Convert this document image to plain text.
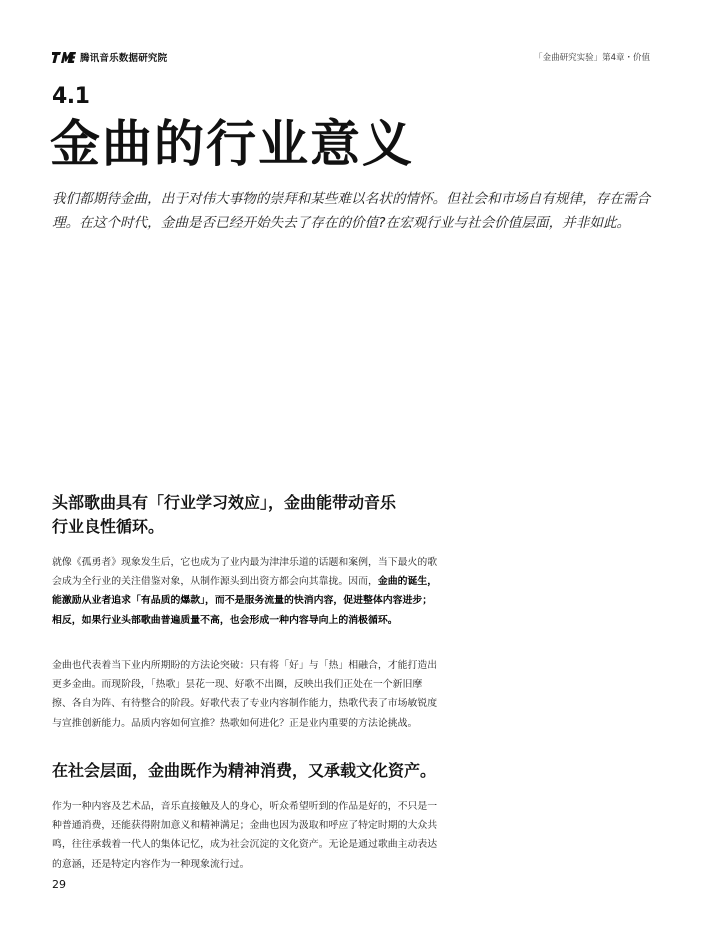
腾讯音乐数据研究院	「金曲研究实验」第4章・价值
4.1
金曲的行业意义

我们都期待金曲，出于对伟大事物的崇拜和某些难以名状的情怀。但社会和市场自有规律，存在需合

理。在这个时代，金曲是否已经开始失去了存在的价值?在宏观行业与社会价值层面，并非如此。

头部歌曲具有「行业学习效应」，金曲能带动音乐

行业良性循环。

就像《孤勇者》现象发生后，它也成为了业内最为津津乐道的话题和案例，当下最火的歌会成为全行业的关注借鉴对象，从制作源头到出资方都会向其靠拢。因而，金曲的诞生，能激励从业者追求「有品质的爆款」，而不是服务流量的快消内容，促进整体内容进步；相反，如果行业头部歌曲普遍质量不高，也会形成一种内容导向上的消极循环。

金曲也代表着当下业内所期盼的方法论突破：只有将「好」与「热」相融合，才能打造出更多金曲。而现阶段，「热歌」昙花一现、好歌不出圈，反映出我们正处在一个新旧摩擦、各自为阵、有待整合的阶段。好歌代表了专业内容制作能力，热歌代表了市场敏锐度与宣推创新能力。品质内容如何宣推？热歌如何进化？正是业内重要的方法论挑战。

在社会层面，金曲既作为精神消费，又承载文化资产。

作为一种内容及艺术品，音乐直接触及人的身心，听众希望听到的作品是好的，不只是一种普通消费，还能获得附加意义和精神满足；金曲也因为汲取和呼应了特定时期的大众共鸣，往往承载着一代人的集体记忆，成为社会沉淀的文化资产。无论是通过歌曲主动表达的意涵，还是特定内容作为一种现象流行过。

29
